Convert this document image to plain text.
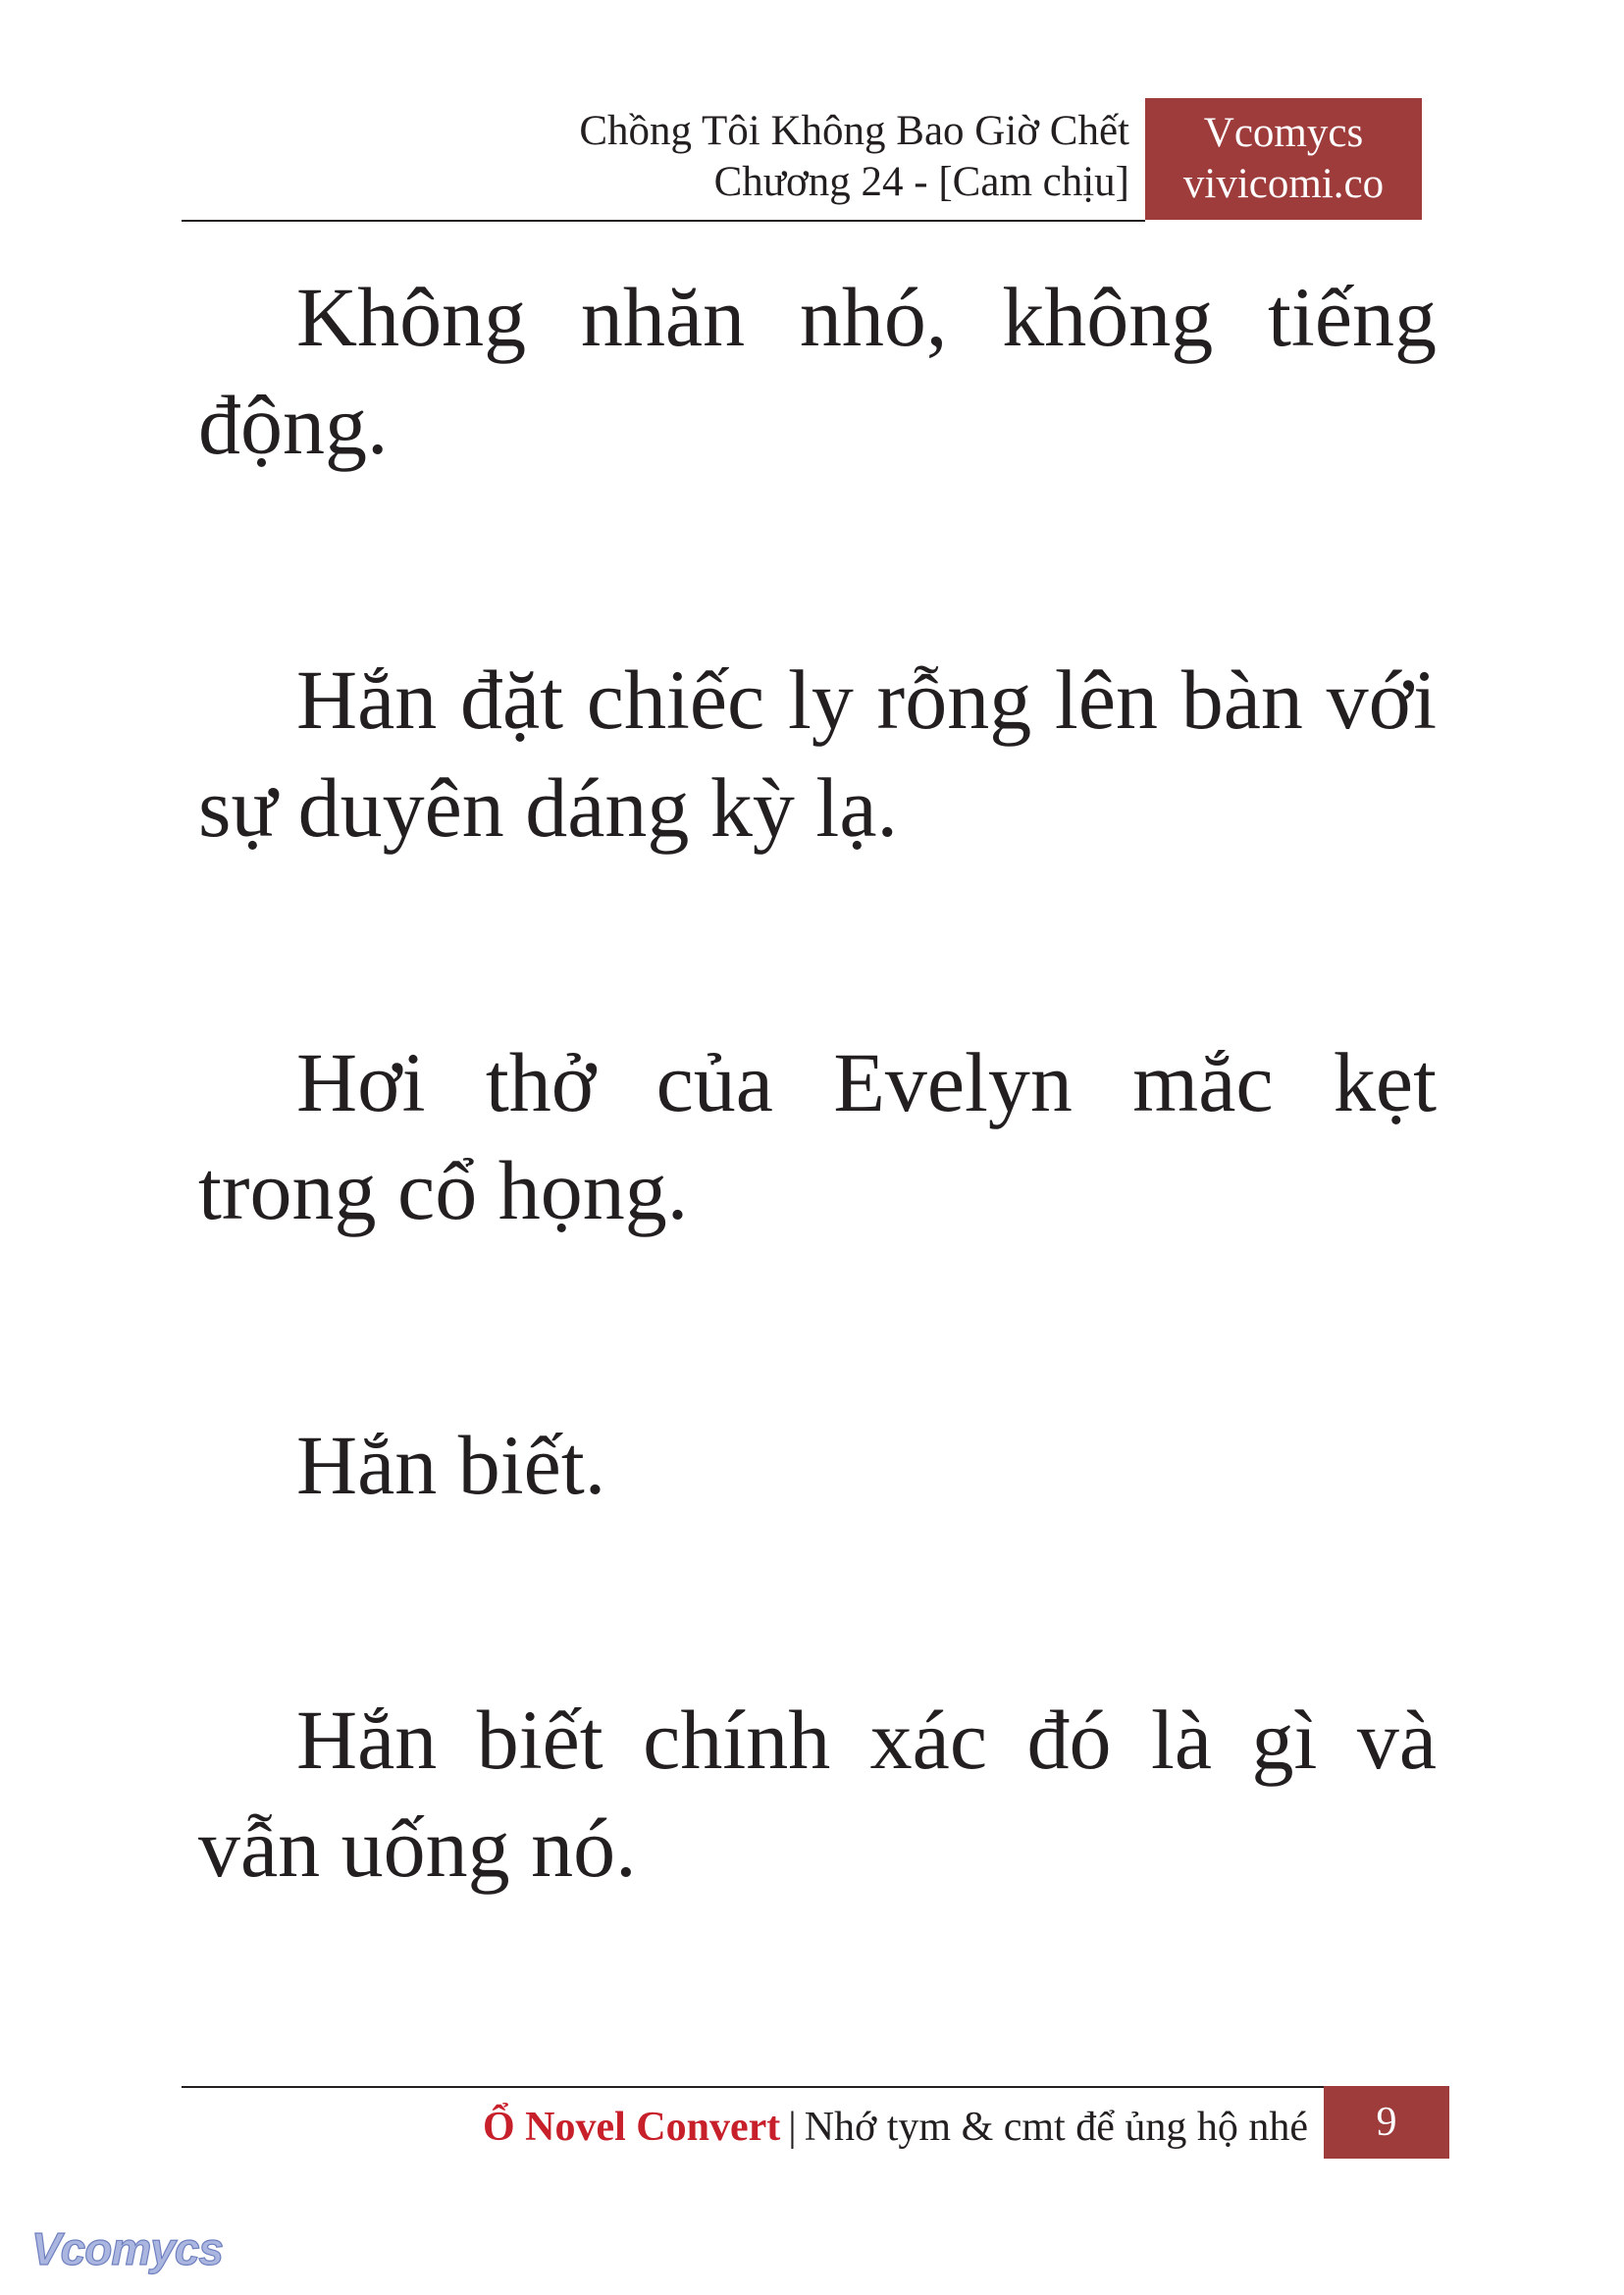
Chồng Tôi Không Bao Giờ Chết
Chương 24 - [Cam chịu]
Vcomycs
vivicomi.co

Không nhăn nhó, không tiếng động.

Hắn đặt chiếc ly rỗng lên bàn với sự duyên dáng kỳ lạ.

Hơi thở của Evelyn mắc kẹt trong cổ họng.

Hắn biết.

Hắn biết chính xác đó là gì và vẫn uống nó.

Ổ Novel Convert | Nhớ tym & cmt để ủng hộ nhé	9
Vcomycs
